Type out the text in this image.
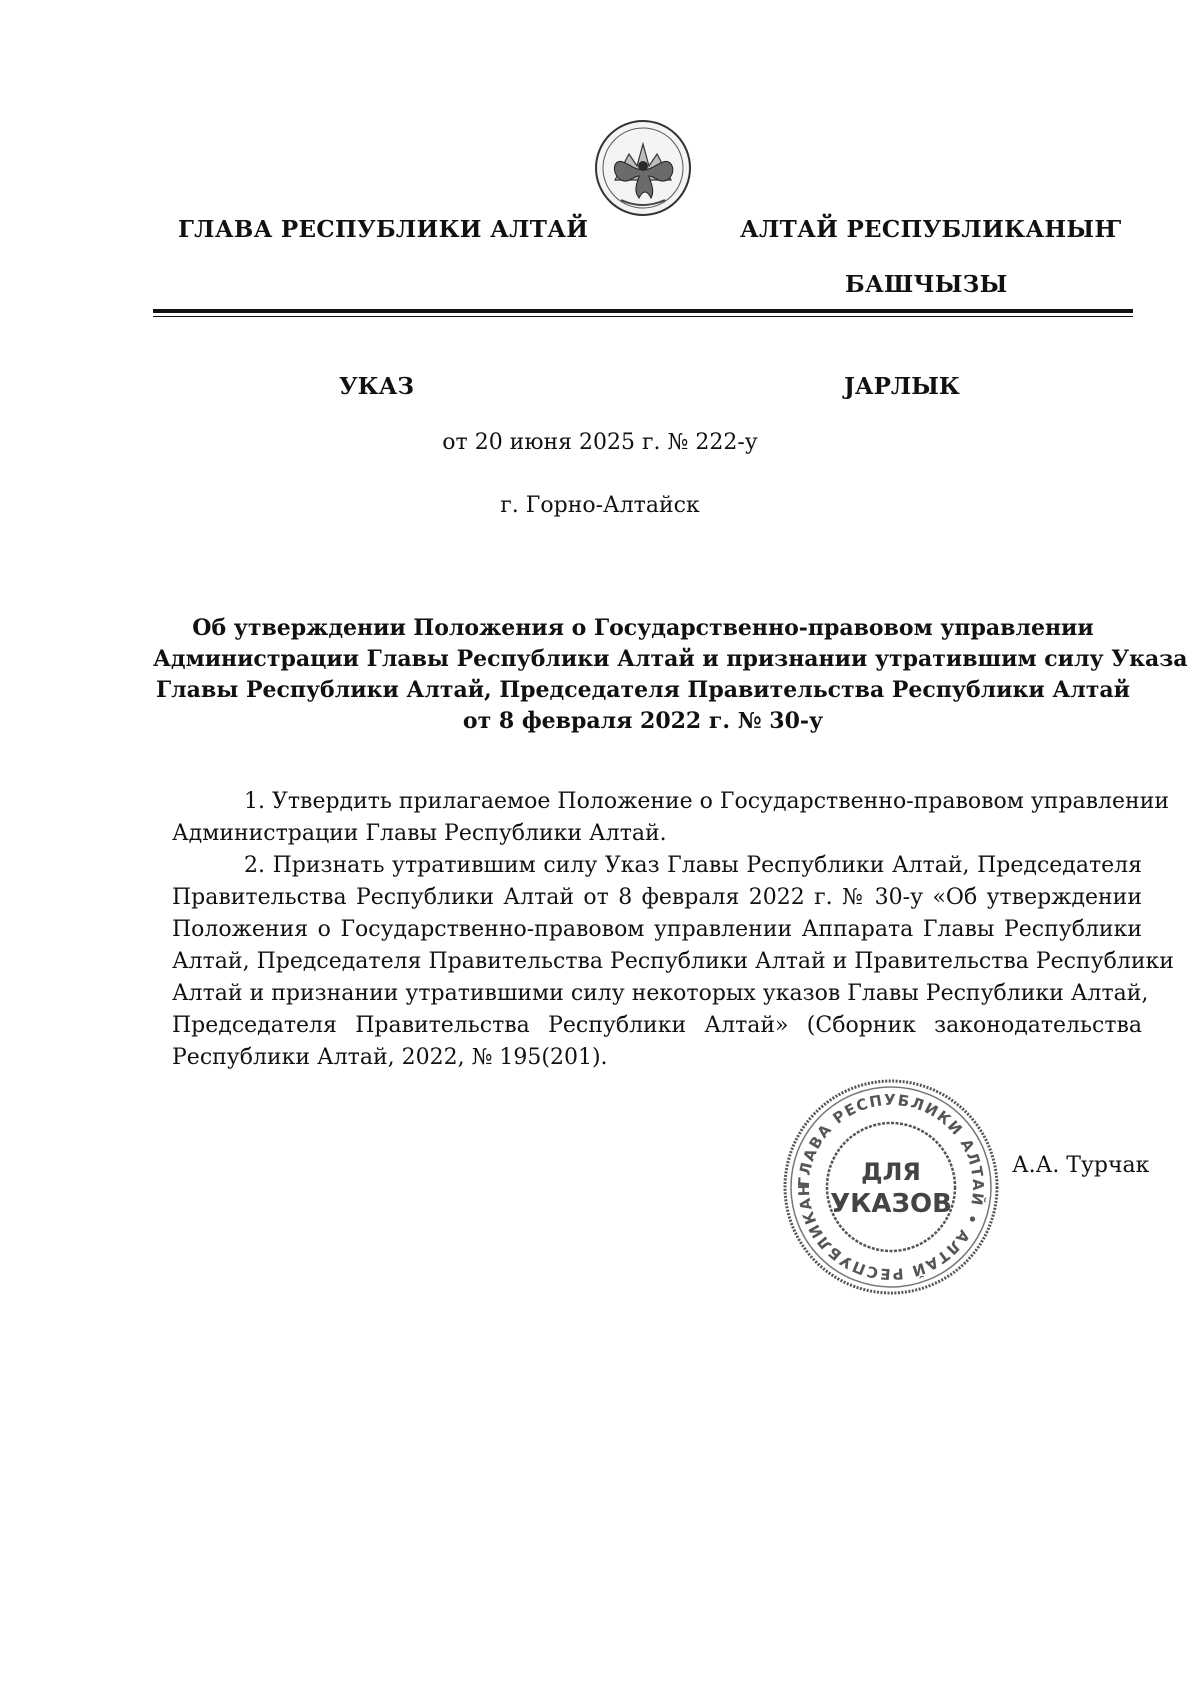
ГЛАВА РЕСПУБЛИКИ АЛТАЙ	АЛТАЙ РЕСПУБЛИКАНЫҤ
БАШЧЫЗЫ
УКАЗ	ЈАРЛЫК
от 20 июня 2025 г. № 222-у
г. Горно-Алтайск
Об утверждении Положения о Государственно-правовом управлении
Администрации Главы Республики Алтай и признании утратившим силу Указа
Главы Республики Алтай, Председателя Правительства Республики Алтай
от 8 февраля 2022 г. № 30-у
1. Утвердить прилагаемое Положение о Государственно-правовом управлении
Администрации Главы Республики Алтай.
2. Признать утратившим силу Указ Главы Республики Алтай, Председателя
Правительства Республики Алтай от 8 февраля 2022 г. № 30-у «Об утверждении
Положения о Государственно-правовом управлении Аппарата Главы Республики
Алтай, Председателя Правительства Республики Алтай и Правительства Республики
Алтай и признании утратившими силу некоторых указов Главы Республики Алтай,
Председателя Правительства Республики Алтай» (Сборник законодательства
Республики Алтай, 2022, № 195(201).
ГЛАВА РЕСПУБЛИКИ АЛТАЙ • АЛТАЙ РЕСПУБЛИКАН
ДЛЯ
УКАЗОВ
А.А. Турчак
